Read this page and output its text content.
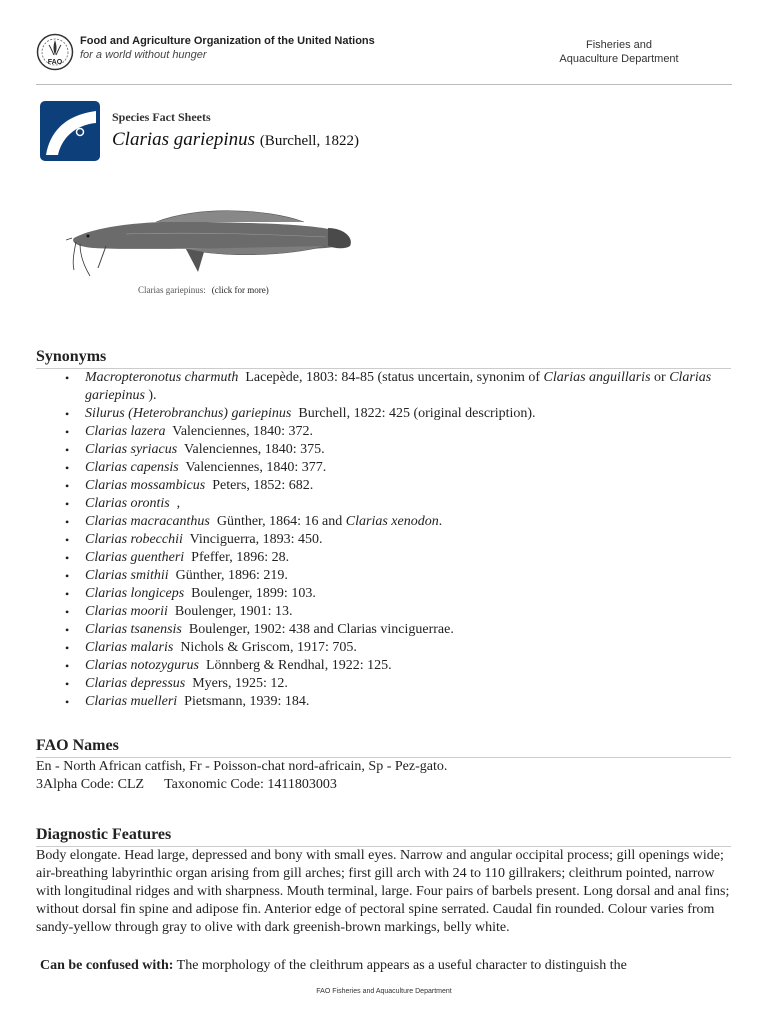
FAO
Food and Agriculture Organization of the United Nations
for a world without hunger
Fisheries and
Aquaculture Department
Species Fact Sheets
Clarias gariepinus (Burchell, 1822)
Clarias gariepinus: (click for more)
Synonyms
• Macropteronotus charmuth Lacepède, 1803: 84-85 (status uncertain, synonim of Clarias anguillaris or Clarias gariepinus ).
• Silurus (Heterobranchus) gariepinus Burchell, 1822: 425 (original description).
• Clarias lazera Valenciennes, 1840: 372.
• Clarias syriacus Valenciennes, 1840: 375.
• Clarias capensis Valenciennes, 1840: 377.
• Clarias mossambicus Peters, 1852: 682.
• Clarias orontis ,
• Clarias macracanthus Günther, 1864: 16 and Clarias xenodon.
• Clarias robecchii Vinciguerra, 1893: 450.
• Clarias guentheri Pfeffer, 1896: 28.
• Clarias smithii Günther, 1896: 219.
• Clarias longiceps Boulenger, 1899: 103.
• Clarias moorii Boulenger, 1901: 13.
• Clarias tsanensis Boulenger, 1902: 438 and Clarias vinciguerrae.
• Clarias malaris Nichols & Griscom, 1917: 705.
• Clarias notozygurus Lönnberg & Rendhal, 1922: 125.
• Clarias depressus Myers, 1925: 12.
• Clarias muelleri Pietsmann, 1939: 184.
FAO Names
En - North African catfish, Fr - Poisson-chat nord-africain, Sp - Pez-gato.
3Alpha Code: CLZ Taxonomic Code: 1411803003
Diagnostic Features
Body elongate. Head large, depressed and bony with small eyes. Narrow and angular occipital process; gill openings wide; air-breathing labyrinthic organ arising from gill arches; first gill arch with 24 to 110 gillrakers; cleithrum pointed, narrow with longitudinal ridges and with sharpness. Mouth terminal, large. Four pairs of barbels present. Long dorsal and anal fins; without dorsal fin spine and adipose fin. Anterior edge of pectoral spine serrated. Caudal fin rounded. Colour varies from sandy-yellow through gray to olive with dark greenish-brown markings, belly white.
Can be confused with: The morphology of the cleithrum appears as a useful character to distinguish the
FAO Fisheries and Aquaculture Department
